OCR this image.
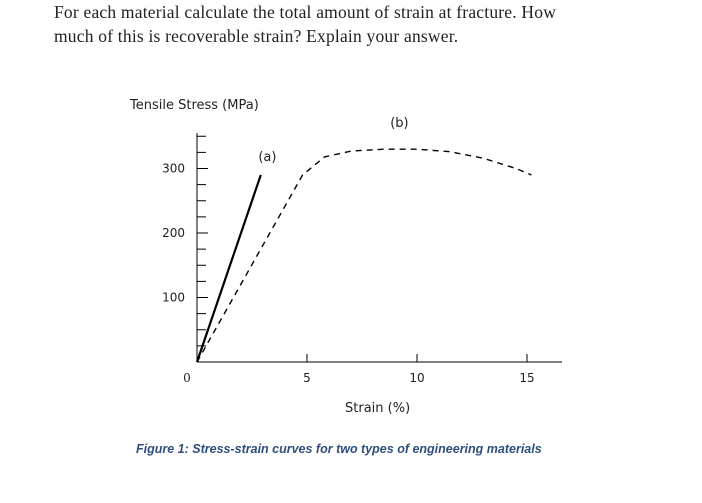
For each material calculate the total amount of strain at fracture. How

much of this is recoverable strain? Explain your answer.

Tensile Stress (MPa)
Strain (%)
100
200
300
0	5	10	15
(a)
(b)
Figure 1: Stress-strain curves for two types of engineering materials
